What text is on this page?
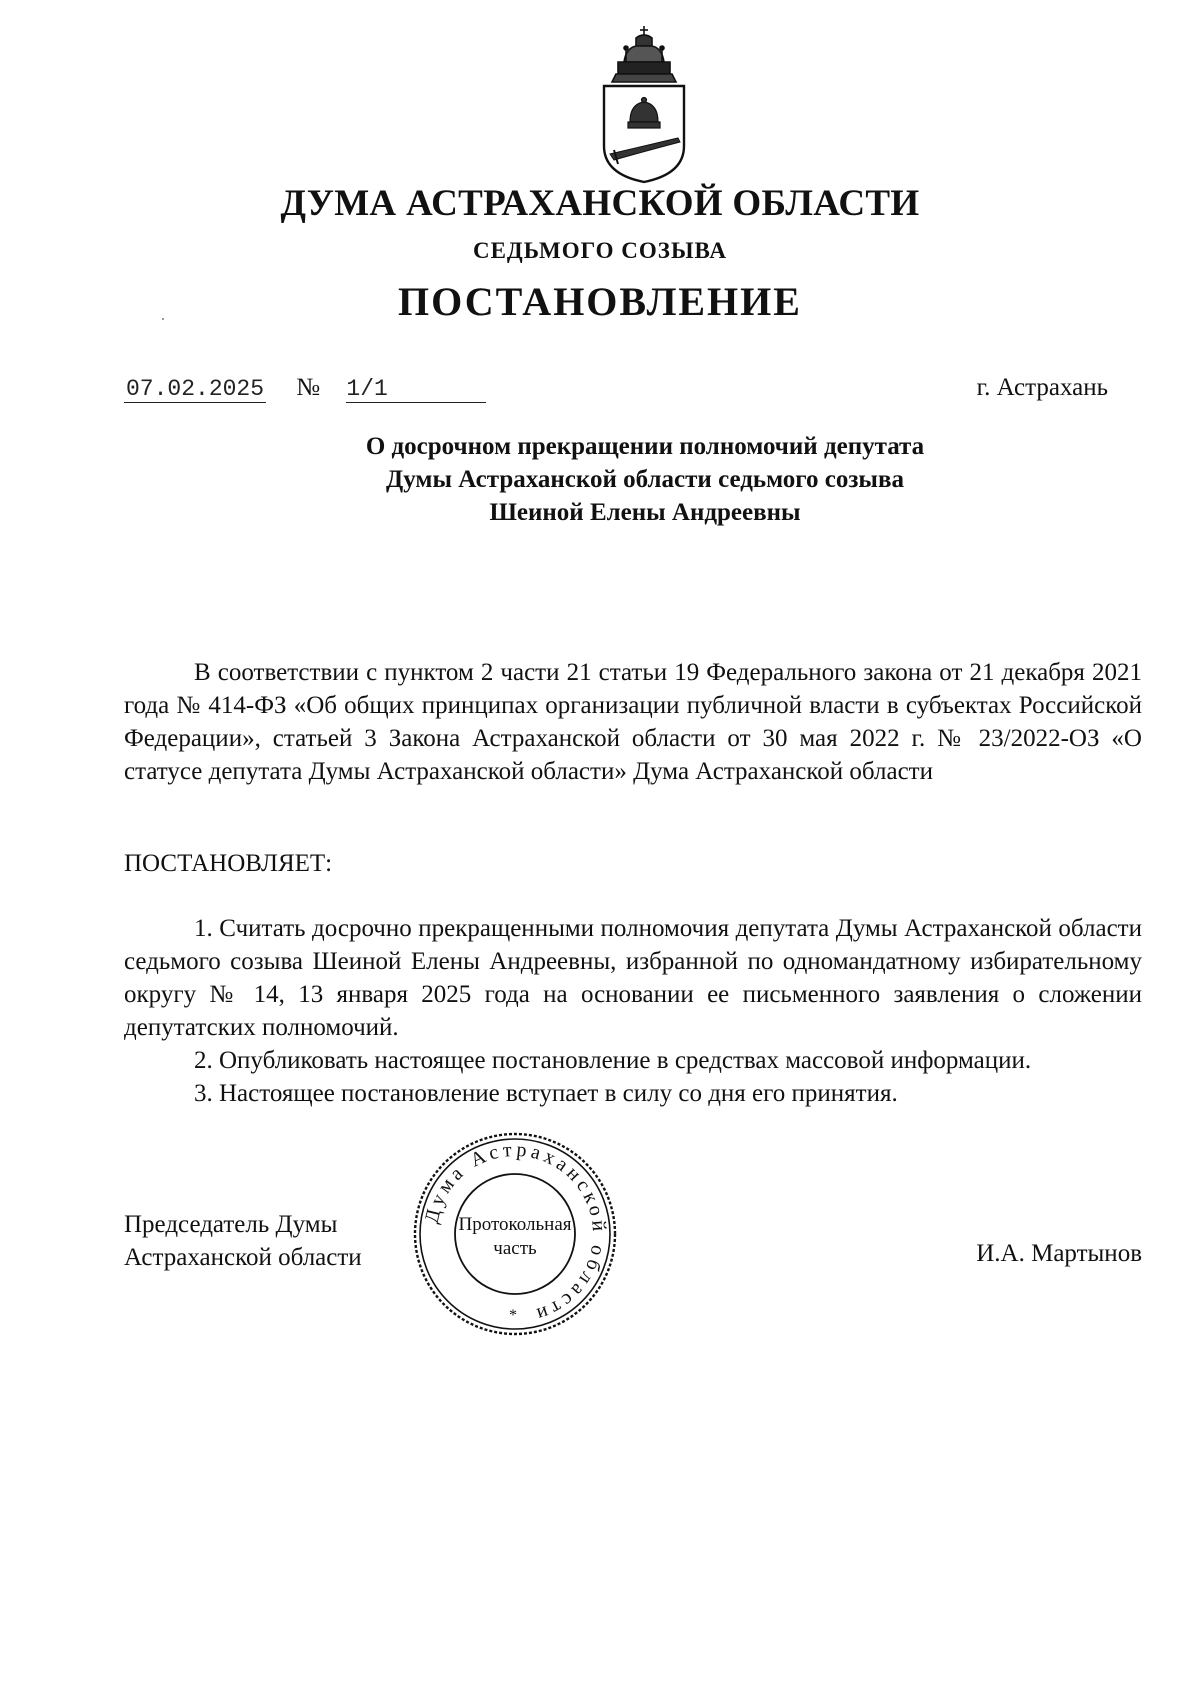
ДУМА АСТРАХАНСКОЙ ОБЛАСТИ
СЕДЬМОГО СОЗЫВА
ПОСТАНОВЛЕНИЕ
07.02.2025 № 1/1	г. Астрахань
О досрочном прекращении полномочий депутата
Думы Астраханской области седьмого созыва
Шеиной Елены Андреевны
В соответствии с пунктом 2 части 21 статьи 19 Федерального закона от 21 декабря 2021 года № 414-ФЗ «Об общих принципах организации публичной власти в субъектах Российской Федерации», статьей 3 Закона Астраханской области от 30 мая 2022 г. № 23/2022-ОЗ «О статусе депутата Думы Астраханской области» Дума Астраханской области
ПОСТАНОВЛЯЕТ:

1. Считать досрочно прекращенными полномочия депутата Думы Астраханской области седьмого созыва Шеиной Елены Андреевны, избранной по одномандатному избирательному округу № 14, 13 января 2025 года на основании ее письменного заявления о сложении депутатских полномочий.

2. Опубликовать настоящее постановление в средствах массовой информации.

3. Настоящее постановление вступает в силу со дня его принятия.

Председатель Думы
Астраханской области
Дума Астраханской области
Протокольная
часть
*
И.А. Мартынов
